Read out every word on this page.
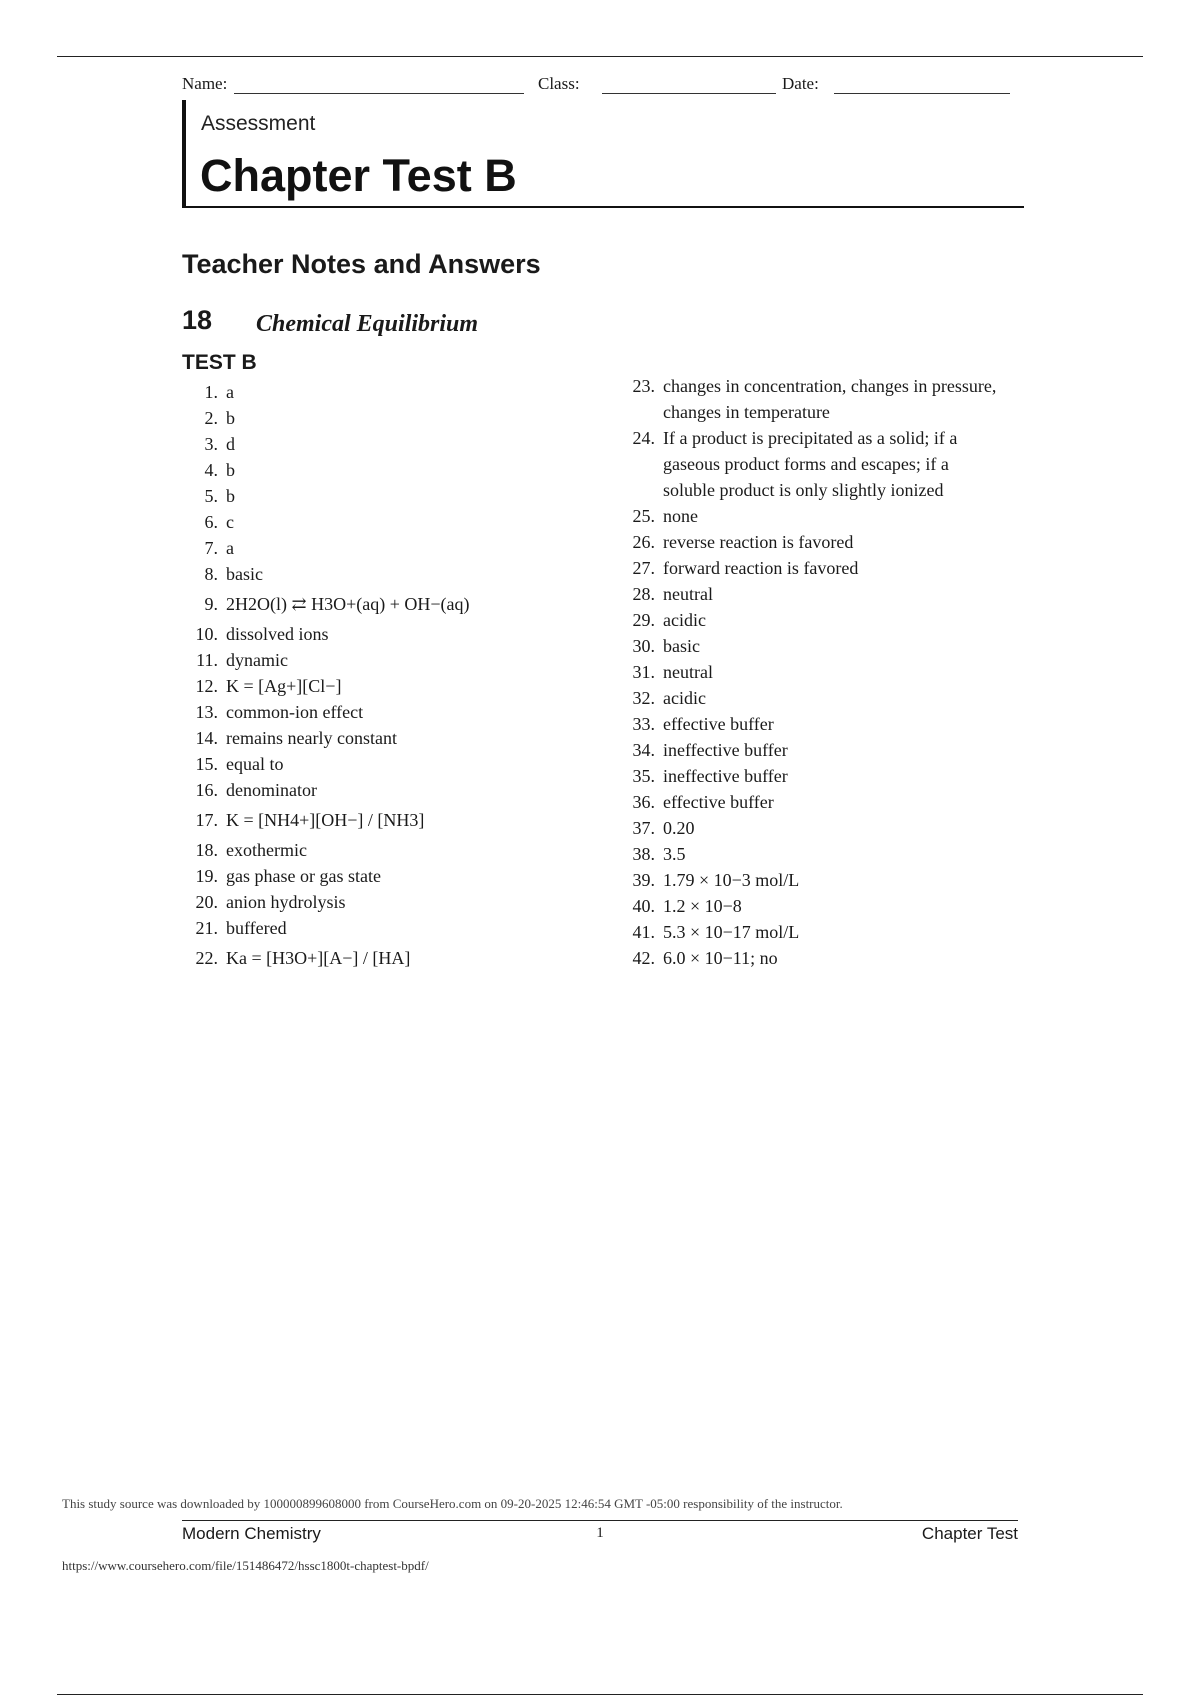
Name:	Class:	Date:
Assessment
Chapter Test B
Teacher Notes and Answers
18 Chemical Equilibrium
TEST B
1. a
2. b
3. d
4. b
5. b
6. c
7. a
8. basic
9. 2H2O(l) ⇄ H3O+(aq) + OH−(aq)
10. dissolved ions
11. dynamic
12. K = [Ag+][Cl−]
13. common-ion effect
14. remains nearly constant
15. equal to
16. denominator
17. K = [NH4+][OH−] / [NH3]
18. exothermic
19. gas phase or gas state
20. anion hydrolysis
21. buffered
22. Ka = [H3O+][A−] / [HA]
23. changes in concentration, changes in pressure, changes in temperature
24. If a product is precipitated as a solid; if a gaseous product forms and escapes; if a soluble product is only slightly ionized
25. none
26. reverse reaction is favored
27. forward reaction is favored
28. neutral
29. acidic
30. basic
31. neutral
32. acidic
33. effective buffer
34. ineffective buffer
35. ineffective buffer
36. effective buffer
37. 0.20
38. 3.5
39. 1.79 × 10−3 mol/L
40. 1.2 × 10−8
41. 5.3 × 10−17 mol/L
42. 6.0 × 10−11; no
This study source was downloaded by 100000899608000 from CourseHero.com on 09-20-2025 12:46:54 GMT -05:00 responsibility of the instructor.
Modern Chemistry	1	Chapter Test
https://www.coursehero.com/file/151486472/hssc1800t-chaptest-bpdf/
